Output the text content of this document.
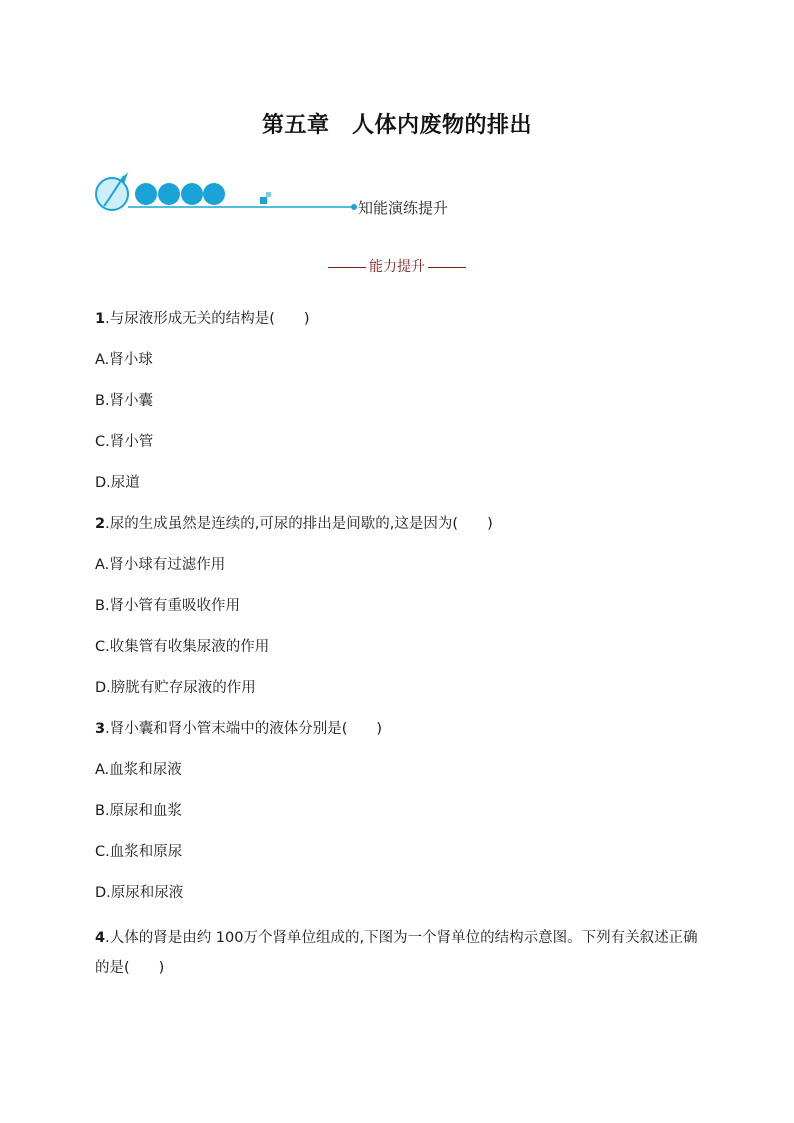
第五章　人体内废物的排出
知能演练提升
能力提升
1.与尿液形成无关的结构是(　　)
A.肾小球
B.肾小囊
C.肾小管
D.尿道
2.尿的生成虽然是连续的,可尿的排出是间歇的,这是因为(　　)
A.肾小球有过滤作用
B.肾小管有重吸收作用
C.收集管有收集尿液的作用
D.膀胱有贮存尿液的作用
3.肾小囊和肾小管末端中的液体分别是(　　)
A.血浆和尿液
B.原尿和血浆
C.血浆和原尿
D.原尿和尿液
4.人体的肾是由约 100万个肾单位组成的,下图为一个肾单位的结构示意图。下列有关叙述正确的是(　　)
